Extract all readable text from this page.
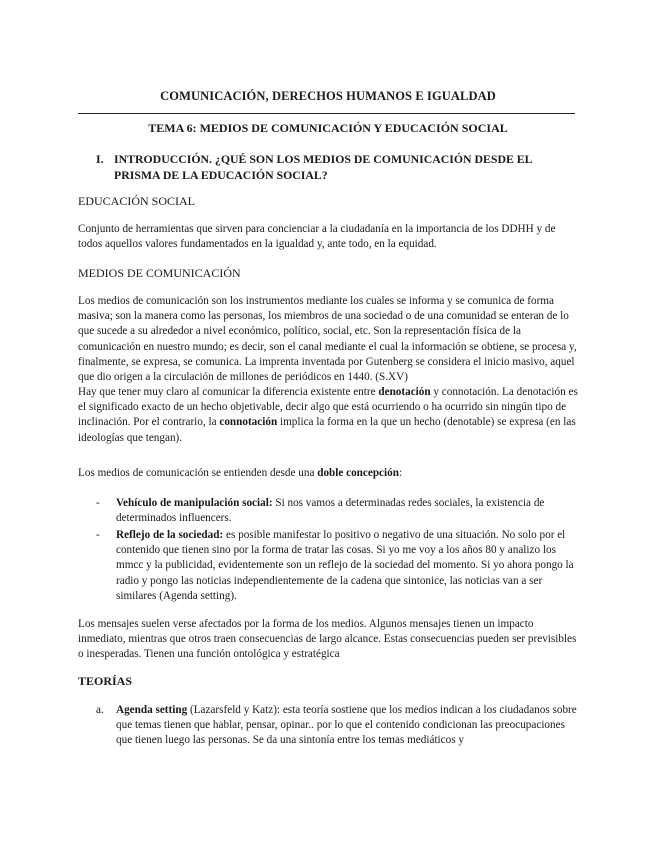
COMUNICACIÓN, DERECHOS HUMANOS E IGUALDAD
TEMA 6: MEDIOS DE COMUNICACIÓN Y EDUCACIÓN SOCIAL
I. INTRODUCCIÓN. ¿QUÉ SON LOS MEDIOS DE COMUNICACIÓN DESDE EL PRISMA DE LA EDUCACIÓN SOCIAL?
EDUCACIÓN SOCIAL

Conjunto de herramientas que sirven para concienciar a la ciudadanía en la importancia de los DDHH y de todos aquellos valores fundamentados en la igualdad y, ante todo, en la equidad.

MEDIOS DE COMUNICACIÓN

Los medios de comunicación son los instrumentos mediante los cuales se informa y se comunica de forma masiva; son la manera como las personas, los miembros de una sociedad o de una comunidad se enteran de lo que sucede a su alrededor a nivel económico, político, social, etc. Son la representación física de la comunicación en nuestro mundo; es decir, son el canal mediante el cual la información se obtiene, se procesa y, finalmente, se expresa, se comunica. La imprenta inventada por Gutenberg se considera el inicio masivo, aquel que dio origen a la circulación de millones de periódicos en 1440. (S.XV)

Hay que tener muy claro al comunicar la diferencia existente entre denotación y connotación. La denotación es el significado exacto de un hecho objetivable, decir algo que está ocurriendo o ha ocurrido sin ningún tipo de inclinación. Por el contrario, la connotación implica la forma en la que un hecho (denotable) se expresa (en las ideologías que tengan).

Los medios de comunicación se entienden desde una doble concepción:

- Vehículo de manipulación social: Si nos vamos a determinadas redes sociales, la existencia de determinados influencers.
- Reflejo de la sociedad: es posible manifestar lo positivo o negativo de una situación. No solo por el contenido que tienen sino por la forma de tratar las cosas. Si yo me voy a los años 80 y analizo los mmcc y la publicidad, evidentemente son un reflejo de la sociedad del momento. Si yo ahora pongo la radio y pongo las noticias independientemente de la cadena que sintonice, las noticias van a ser similares (Agenda setting).

Los mensajes suelen verse afectados por la forma de los medios. Algunos mensajes tienen un impacto inmediato, mientras que otros traen consecuencias de largo alcance. Estas consecuencias pueden ser previsibles o inesperadas. Tienen una función ontológica y estratégica

TEORÍAS
a. Agenda setting (Lazarsfeld y Katz): esta teoría sostiene que los medios indican a los ciudadanos sobre que temas tienen que hablar, pensar, opinar.. por lo que el contenido condicionan las preocupaciones que tienen luego las personas. Se da una sintonía entre los temas mediáticos y
